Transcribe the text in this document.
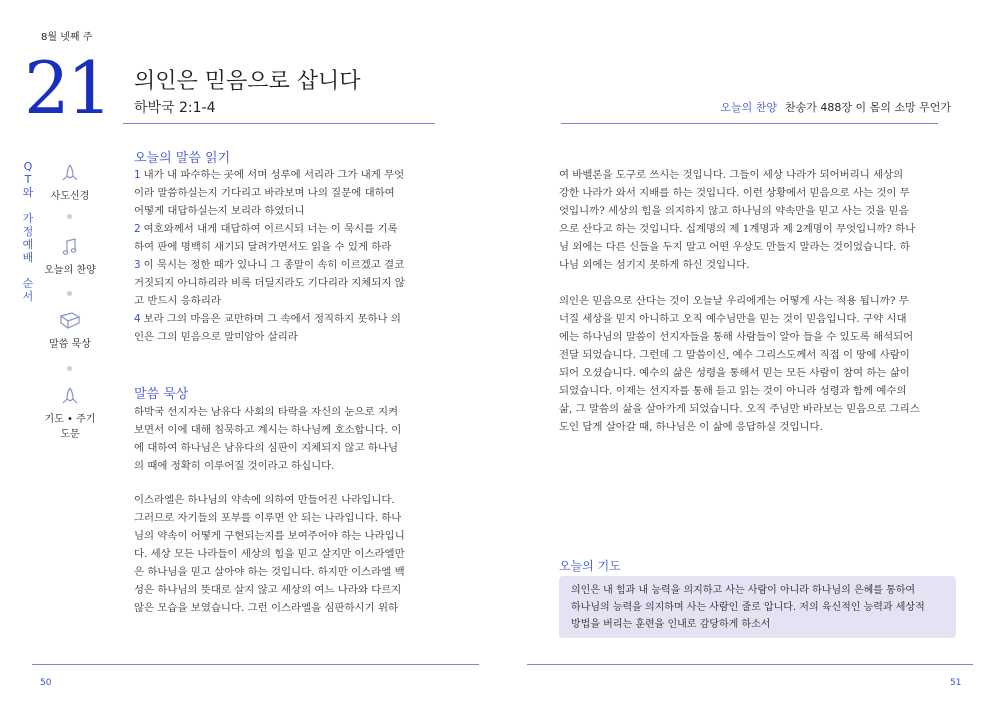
8월 넷째 주
21 의인은 믿음으로 삽니다
하박국 2:1-4	오늘의 찬양 찬송가 488장 이 몸의 소망 무언가
Q
T
와
가
정
예
배
순
서
사도신경
오늘의 찬양
말씀 묵상
기도 • 주기도문
오늘의 말씀 읽기
1 내가 내 파수하는 곳에 서며 성루에 서리라 그가 내게 무엇
이라 말씀하실는지 기다리고 바라보며 나의 질문에 대하여
어떻게 대답하실는지 보리라 하였더니
2 여호와께서 내게 대답하여 이르시되 너는 이 묵시를 기록
하여 판에 명백히 새기되 달려가면서도 읽을 수 있게 하라
3 이 묵시는 정한 때가 있나니 그 종말이 속히 이르겠고 결코
거짓되지 아니하리라 비록 더딜지라도 기다리라 지체되지 않
고 반드시 응하리라
4 보라 그의 마음은 교만하며 그 속에서 정직하지 못하나 의
인은 그의 믿음으로 말미암아 살리라
말씀 묵상

하박국 선지자는 남유다 사회의 타락을 자신의 눈으로 지켜
보면서 이에 대해 침묵하고 계시는 하나님께 호소합니다. 이
에 대하여 하나님은 남유다의 심판이 지체되지 않고 하나님
의 때에 정확히 이루어질 것이라고 하십니다.

이스라엘은 하나님의 약속에 의하여 만들어진 나라입니다.
그러므로 자기들의 포부를 이루면 안 되는 나라입니다. 하나
님의 약속이 어떻게 구현되는지를 보여주어야 하는 나라입니
다. 세상 모든 나라들이 세상의 힘을 믿고 살지만 이스라엘만
은 하나님을 믿고 살아야 하는 것입니다. 하지만 이스라엘 백
성은 하나님의 뜻대로 살지 않고 세상의 여느 나라와 다르지
않은 모습을 보였습니다. 그런 이스라엘을 심판하시기 위하

여 바벨론을 도구로 쓰시는 것입니다. 그들이 세상 나라가 되어버리니 세상의
강한 나라가 와서 지배를 하는 것입니다. 이런 상황에서 믿음으로 사는 것이 무
엇입니까? 세상의 힘을 의지하지 않고 하나님의 약속만을 믿고 사는 것을 믿음
으로 산다고 하는 것입니다. 십계명의 제 1계명과 제 2계명이 무엇입니까? 하나
님 외에는 다른 신들을 두지 말고 어떤 우상도 만들지 말라는 것이었습니다. 하
나님 외에는 섬기지 못하게 하신 것입니다.

의인은 믿음으로 산다는 것이 오늘날 우리에게는 어떻게 사는 적용 됩니까? 무
너질 세상을 믿지 아니하고 오직 예수님만을 믿는 것이 믿음입니다. 구약 시대
에는 하나님의 말씀이 선지자들을 통해 사람들이 알아 들을 수 있도록 해석되어
전달 되었습니다. 그런데 그 말씀이신, 예수 그리스도께서 직접 이 땅에 사람이
되어 오셨습니다. 예수의 삶은 성령을 통해서 믿는 모든 사람이 참여 하는 삶이
되었습니다. 이제는 선지자를 통해 듣고 읽는 것이 아니라 성령과 함께 예수의
삶, 그 말씀의 삶을 살아가게 되었습니다. 오직 주님만 바라보는 믿음으로 그리스
도인 답게 살아갈 때, 하나님은 이 삶에 응답하실 것입니다.

오늘의 기도
의인은 내 힘과 내 능력을 의지하고 사는 사람이 아니라 하나님의 은혜를 통하여
하나님의 능력을 의지하며 사는 사람인 줄로 압니다. 저의 육신적인 능력과 세상적
방법을 버리는 훈련을 인내로 감당하게 하소서
50	51
